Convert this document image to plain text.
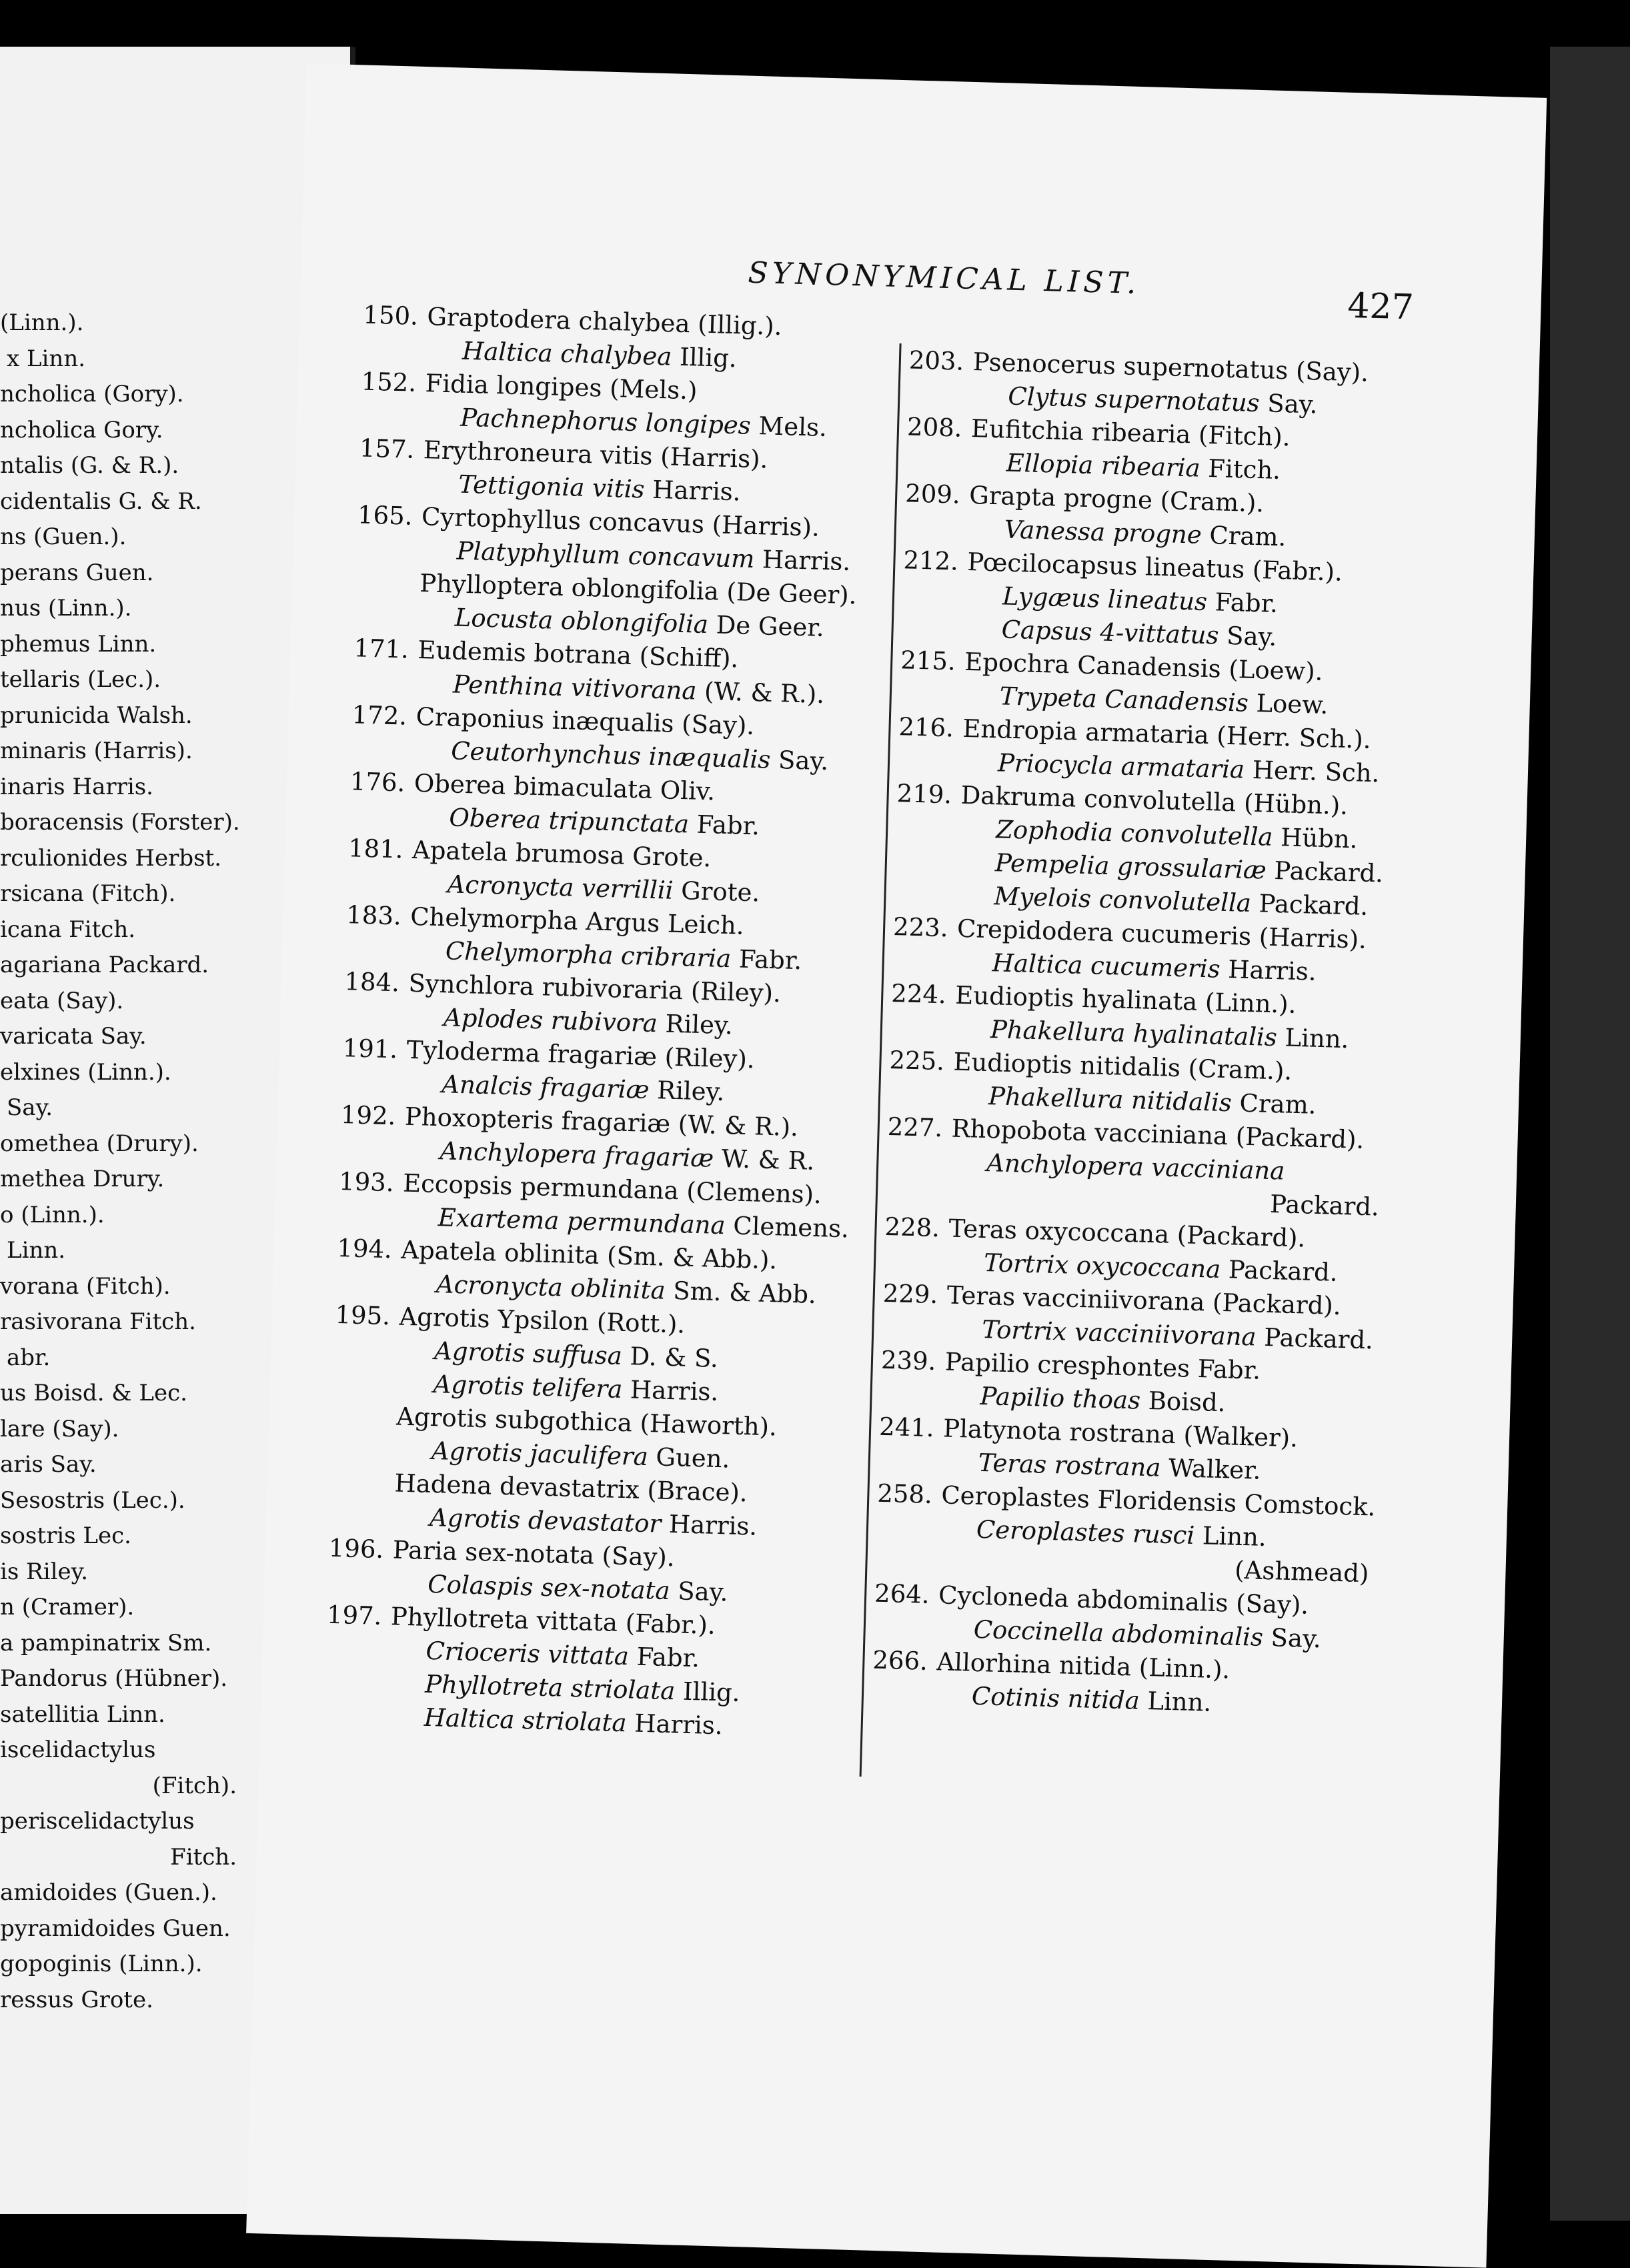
(Linn.).
x Linn.
ncholica (Gory).
ncholica Gory.
ntalis (G. & R.).
cidentalis G. & R.
ns (Guen.).
perans Guen.
nus (Linn.).
phemus Linn.
tellaris (Lec.).
prunicida Walsh.
minaris (Harris).
inaris Harris.
boracensis (Forster).
rculionides Herbst.
rsicana (Fitch).
icana Fitch.
agariana Packard.
eata (Say).
varicata Say.
elxines (Linn.).
Say.
omethea (Drury).
methea Drury.
o (Linn.).
Linn.
vorana (Fitch).
rasivorana Fitch.
abr.
us Boisd. & Lec.
lare (Say).
aris Say.
Sesostris (Lec.).
sostris Lec.
is Riley.
n (Cramer).
a pampinatrix Sm.
Pandorus (Hübner).
satellitia Linn.
iscelidactylus
(Fitch).
periscelidactylus
Fitch.
amidoides (Guen.).
pyramidoides Guen.
gopoginis (Linn.).
ressus Grote.
SYNONYMICAL LIST.
427
150. Graptodera chalybea (Illig.).
Haltica chalybea Illig.
152. Fidia longipes (Mels.)
Pachnephorus longipes Mels.
157. Erythroneura vitis (Harris).
Tettigonia vitis Harris.
165. Cyrtophyllus concavus (Harris).
Platyphyllum concavum Harris.
Phylloptera oblongifolia (De Geer).
Locusta oblongifolia De Geer.
171. Eudemis botrana (Schiff).
Penthina vitivorana (W. & R.).
172. Craponius inæqualis (Say).
Ceutorhynchus inæqualis Say.
176. Oberea bimaculata Oliv.
Oberea tripunctata Fabr.
181. Apatela brumosa Grote.
Acronycta verrillii Grote.
183. Chelymorpha Argus Leich.
Chelymorpha cribraria Fabr.
184. Synchlora rubivoraria (Riley).
Aplodes rubivora Riley.
191. Tyloderma fragariæ (Riley).
Analcis fragariæ Riley.
192. Phoxopteris fragariæ (W. & R.).
Anchylopera fragariæ W. & R.
193. Eccopsis permundana (Clemens).
Exartema permundana Clemens.
194. Apatela oblinita (Sm. & Abb.).
Acronycta oblinita Sm. & Abb.
195. Agrotis Ypsilon (Rott.).
Agrotis suffusa D. & S.
Agrotis telifera Harris.
Agrotis subgothica (Haworth).
Agrotis jaculifera Guen.
Hadena devastatrix (Brace).
Agrotis devastator Harris.
196. Paria sex-notata (Say).
Colaspis sex-notata Say.
197. Phyllotreta vittata (Fabr.).
Crioceris vittata Fabr.
Phyllotreta striolata Illig.
Haltica striolata Harris.
203. Psenocerus supernotatus (Say).
Clytus supernotatus Say.
208. Eufitchia ribearia (Fitch).
Ellopia ribearia Fitch.
209. Grapta progne (Cram.).
Vanessa progne Cram.
212. Pœcilocapsus lineatus (Fabr.).
Lygæus lineatus Fabr.
Capsus 4-vittatus Say.
215. Epochra Canadensis (Loew).
Trypeta Canadensis Loew.
216. Endropia armataria (Herr. Sch.).
Priocycla armataria Herr. Sch.
219. Dakruma convolutella (Hübn.).
Zophodia convolutella Hübn.
Pempelia grossulariæ Packard.
Myelois convolutella Packard.
223. Crepidodera cucumeris (Harris).
Haltica cucumeris Harris.
224. Eudioptis hyalinata (Linn.).
Phakellura hyalinatalis Linn.
225. Eudioptis nitidalis (Cram.).
Phakellura nitidalis Cram.
227. Rhopobota vacciniana (Packard).
Anchylopera vacciniana
Packard.
228. Teras oxycoccana (Packard).
Tortrix oxycoccana Packard.
229. Teras vacciniivorana (Packard).
Tortrix vacciniivorana Packard.
239. Papilio cresphontes Fabr.
Papilio thoas Boisd.
241. Platynota rostrana (Walker).
Teras rostrana Walker.
258. Ceroplastes Floridensis Comstock.
Ceroplastes rusci Linn.
(Ashmead)
264. Cycloneda abdominalis (Say).
Coccinella abdominalis Say.
266. Allorhina nitida (Linn.).
Cotinis nitida Linn.
